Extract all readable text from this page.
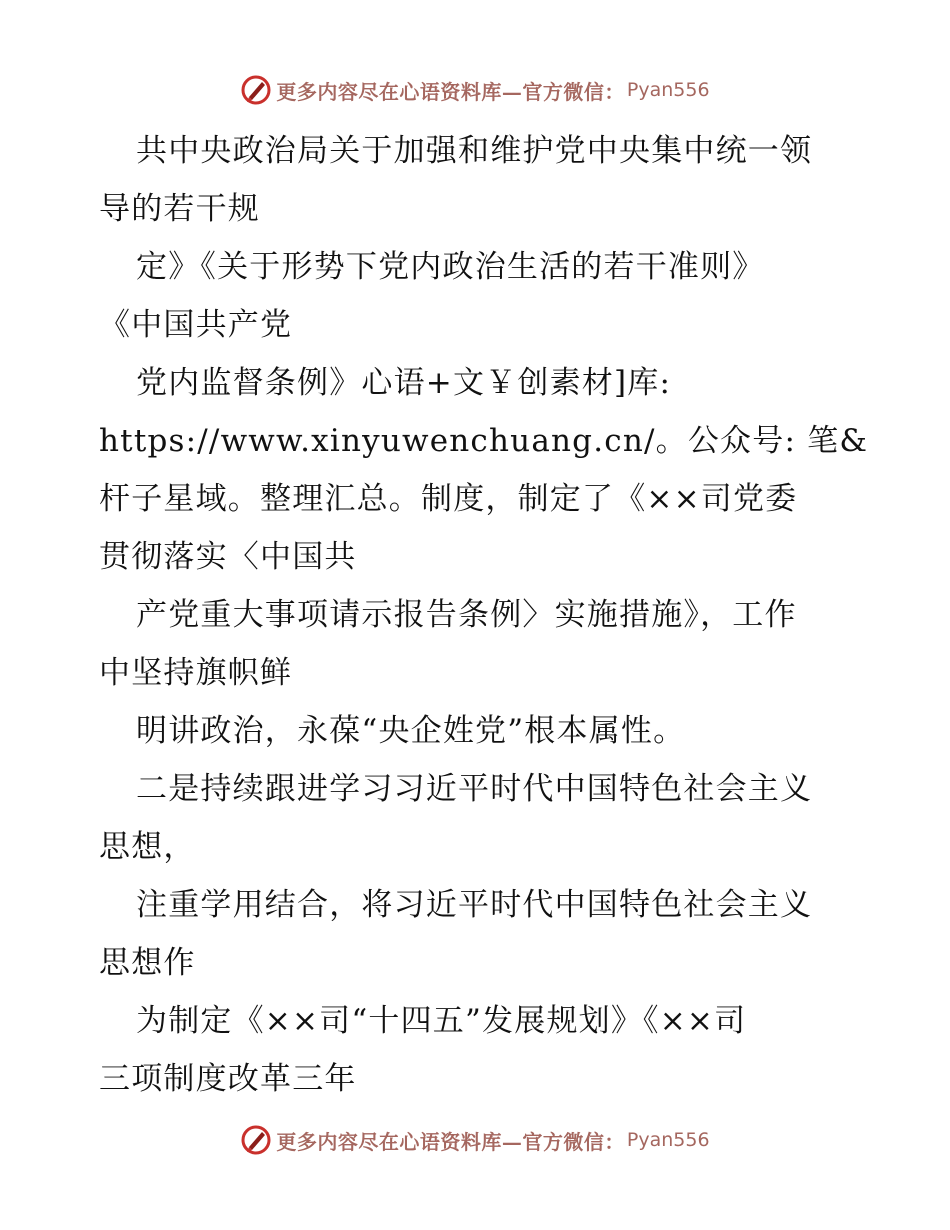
更多内容尽在心语资料库—官方微信： Pyan556
共中央政治局关于加强和维护党中央集中统一领
导的若干规
定》《关于形势下党内政治生活的若干准则》
《中国共产党
党内监督条例》心语+文￥创素材]库:
https://www.xinyuwenchuang.cn/。公众号: 笔&
杆子星域。整理汇总。制度，制定了《××司党委
贯彻落实〈中国共
产党重大事项请示报告条例〉实施措施》，工作
中坚持旗帜鲜
明讲政治，永葆“央企姓党”根本属性。
二是持续跟进学习习近平时代中国特色社会主义
思想，
注重学用结合，将习近平时代中国特色社会主义
思想作
为制定《××司“十四五”发展规划》《××司
三项制度改革三年
更多内容尽在心语资料库—官方微信： Pyan556
